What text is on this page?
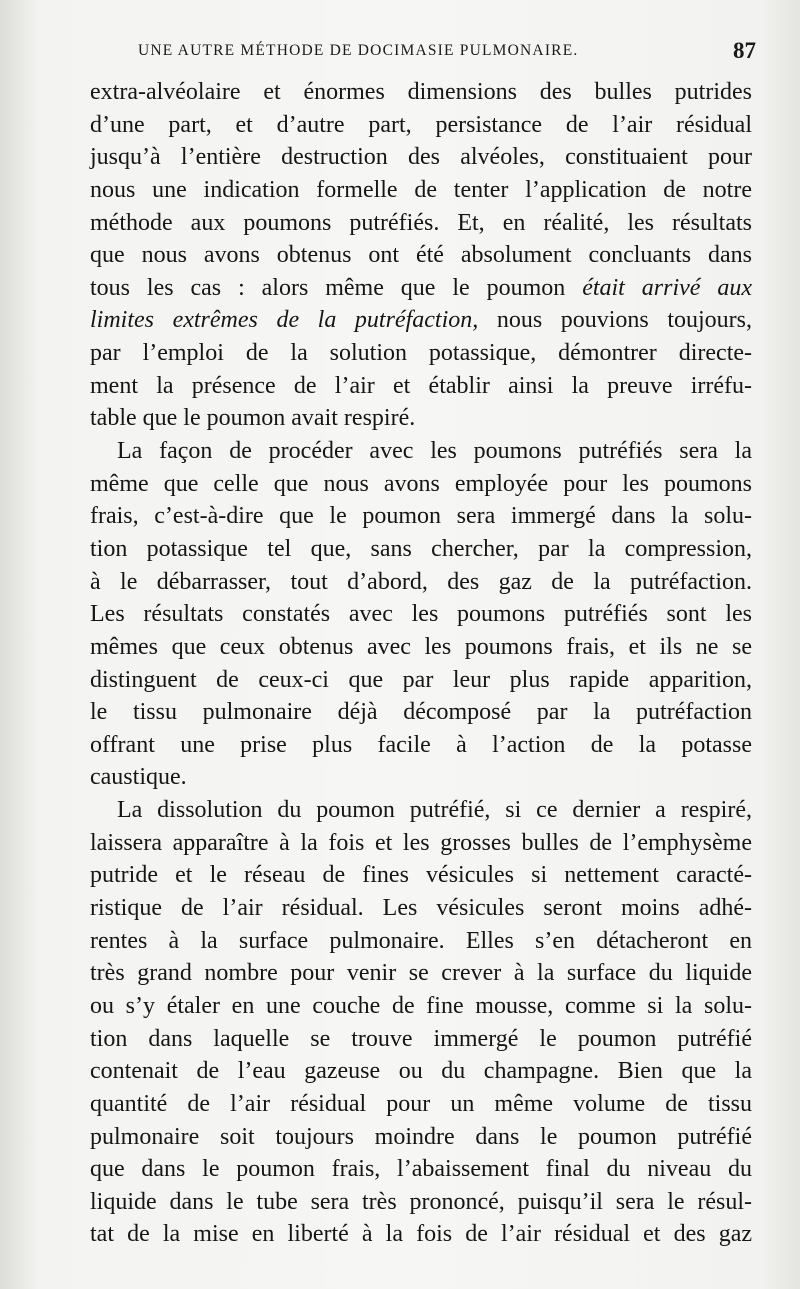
UNE AUTRE MÉTHODE DE DOCIMASIE PULMONAIRE.	87
extra-alvéolaire et énormes dimensions des bulles putrides
d’une part, et d’autre part, persistance de l’air résidual
jusqu’à l’entière destruction des alvéoles, constituaient pour
nous une indication formelle de tenter l’application de notre
méthode aux poumons putréfiés. Et, en réalité, les résultats
que nous avons obtenus ont été absolument concluants dans
tous les cas : alors même que le poumon était arrivé aux
limites extrêmes de la putréfaction, nous pouvions toujours,
par l’emploi de la solution potassique, démontrer directe-
ment la présence de l’air et établir ainsi la preuve irréfu-
table que le poumon avait respiré.
La façon de procéder avec les poumons putréfiés sera la
même que celle que nous avons employée pour les poumons
frais, c’est-à-dire que le poumon sera immergé dans la solu-
tion potassique tel que, sans chercher, par la compression,
à le débarrasser, tout d’abord, des gaz de la putréfaction.
Les résultats constatés avec les poumons putréfiés sont les
mêmes que ceux obtenus avec les poumons frais, et ils ne se
distinguent de ceux-ci que par leur plus rapide apparition,
le tissu pulmonaire déjà décomposé par la putréfaction
offrant une prise plus facile à l’action de la potasse
caustique.
La dissolution du poumon putréfié, si ce dernier a respiré,
laissera apparaître à la fois et les grosses bulles de l’emphysème
putride et le réseau de fines vésicules si nettement caracté-
ristique de l’air résidual. Les vésicules seront moins adhé-
rentes à la surface pulmonaire. Elles s’en détacheront en
très grand nombre pour venir se crever à la surface du liquide
ou s’y étaler en une couche de fine mousse, comme si la solu-
tion dans laquelle se trouve immergé le poumon putréfié
contenait de l’eau gazeuse ou du champagne. Bien que la
quantité de l’air résidual pour un même volume de tissu
pulmonaire soit toujours moindre dans le poumon putréfié
que dans le poumon frais, l’abaissement final du niveau du
liquide dans le tube sera très prononcé, puisqu’il sera le résul-
tat de la mise en liberté à la fois de l’air résidual et des gaz
